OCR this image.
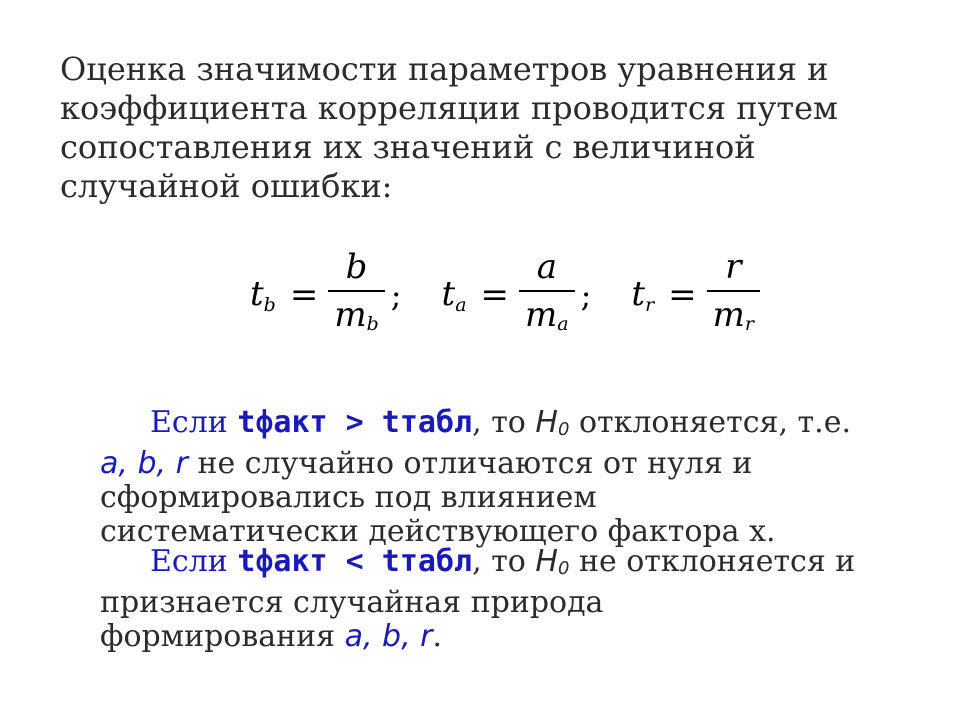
Оценка значимости параметров уравнения и
коэффициента корреляции проводится путем
сопоставления их значений с величиной
случайной ошибки:
$t_b = \frac{b}{m_b}$ ; $t_a = \frac{a}{m_a}$ ; $t_r = \frac{r}{m_r}$
Если tфакт > tтабл, то $H_0$ отклоняется, т.е.
a, b, r не случайно отличаются от нуля и
сформировались под влиянием
систематически действующего фактора х.
Если tфакт < tтабл, то $H_0$ не отклоняется и
признается случайная природа
формирования a, b, r.
